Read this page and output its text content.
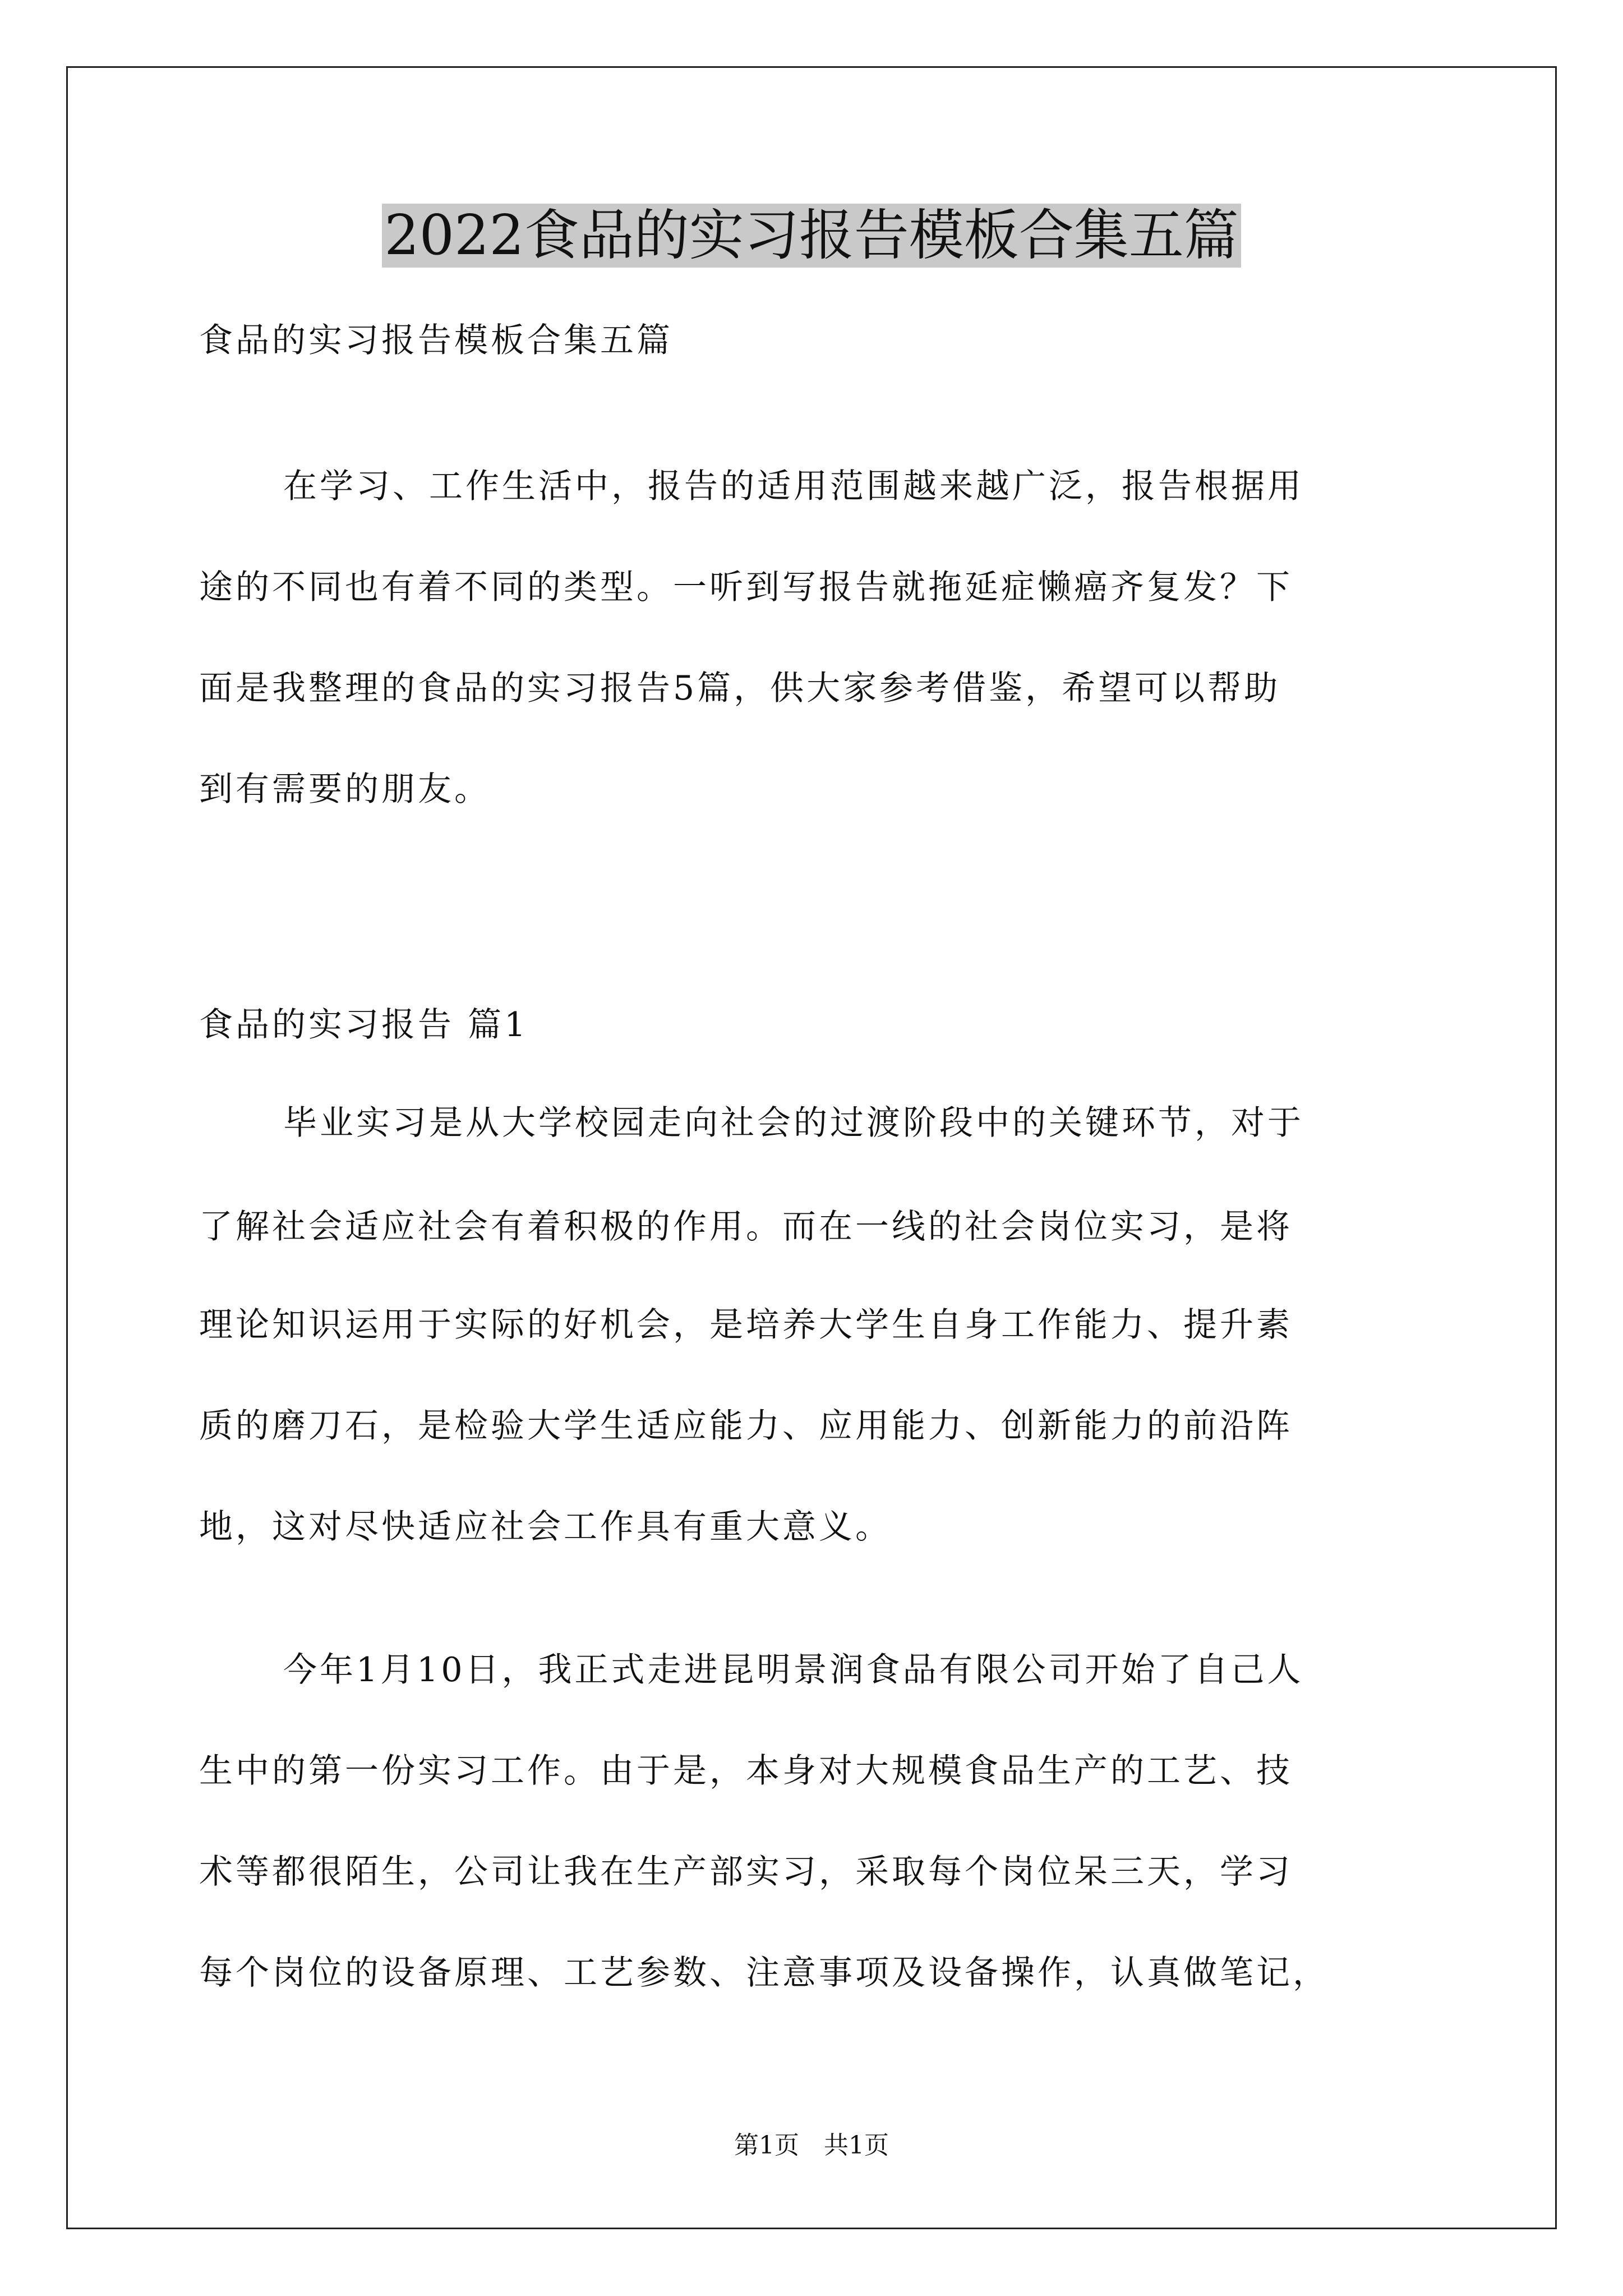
2022食品的实习报告模板合集五篇
食品的实习报告模板合集五篇
在学习、工作生活中，报告的适用范围越来越广泛，报告根据用
途的不同也有着不同的类型。一听到写报告就拖延症懒癌齐复发？下
面是我整理的食品的实习报告5篇，供大家参考借鉴，希望可以帮助
到有需要的朋友。
食品的实习报告 篇1
毕业实习是从大学校园走向社会的过渡阶段中的关键环节，对于
了解社会适应社会有着积极的作用。而在一线的社会岗位实习，是将
理论知识运用于实际的好机会，是培养大学生自身工作能力、提升素
质的磨刀石，是检验大学生适应能力、应用能力、创新能力的前沿阵
地，这对尽快适应社会工作具有重大意义。
今年1月10日，我正式走进昆明景润食品有限公司开始了自己人
生中的第一份实习工作。由于是，本身对大规模食品生产的工艺、技
术等都很陌生，公司让我在生产部实习，采取每个岗位呆三天，学习
每个岗位的设备原理、工艺参数、注意事项及设备操作，认真做笔记，
第1页　共1页
